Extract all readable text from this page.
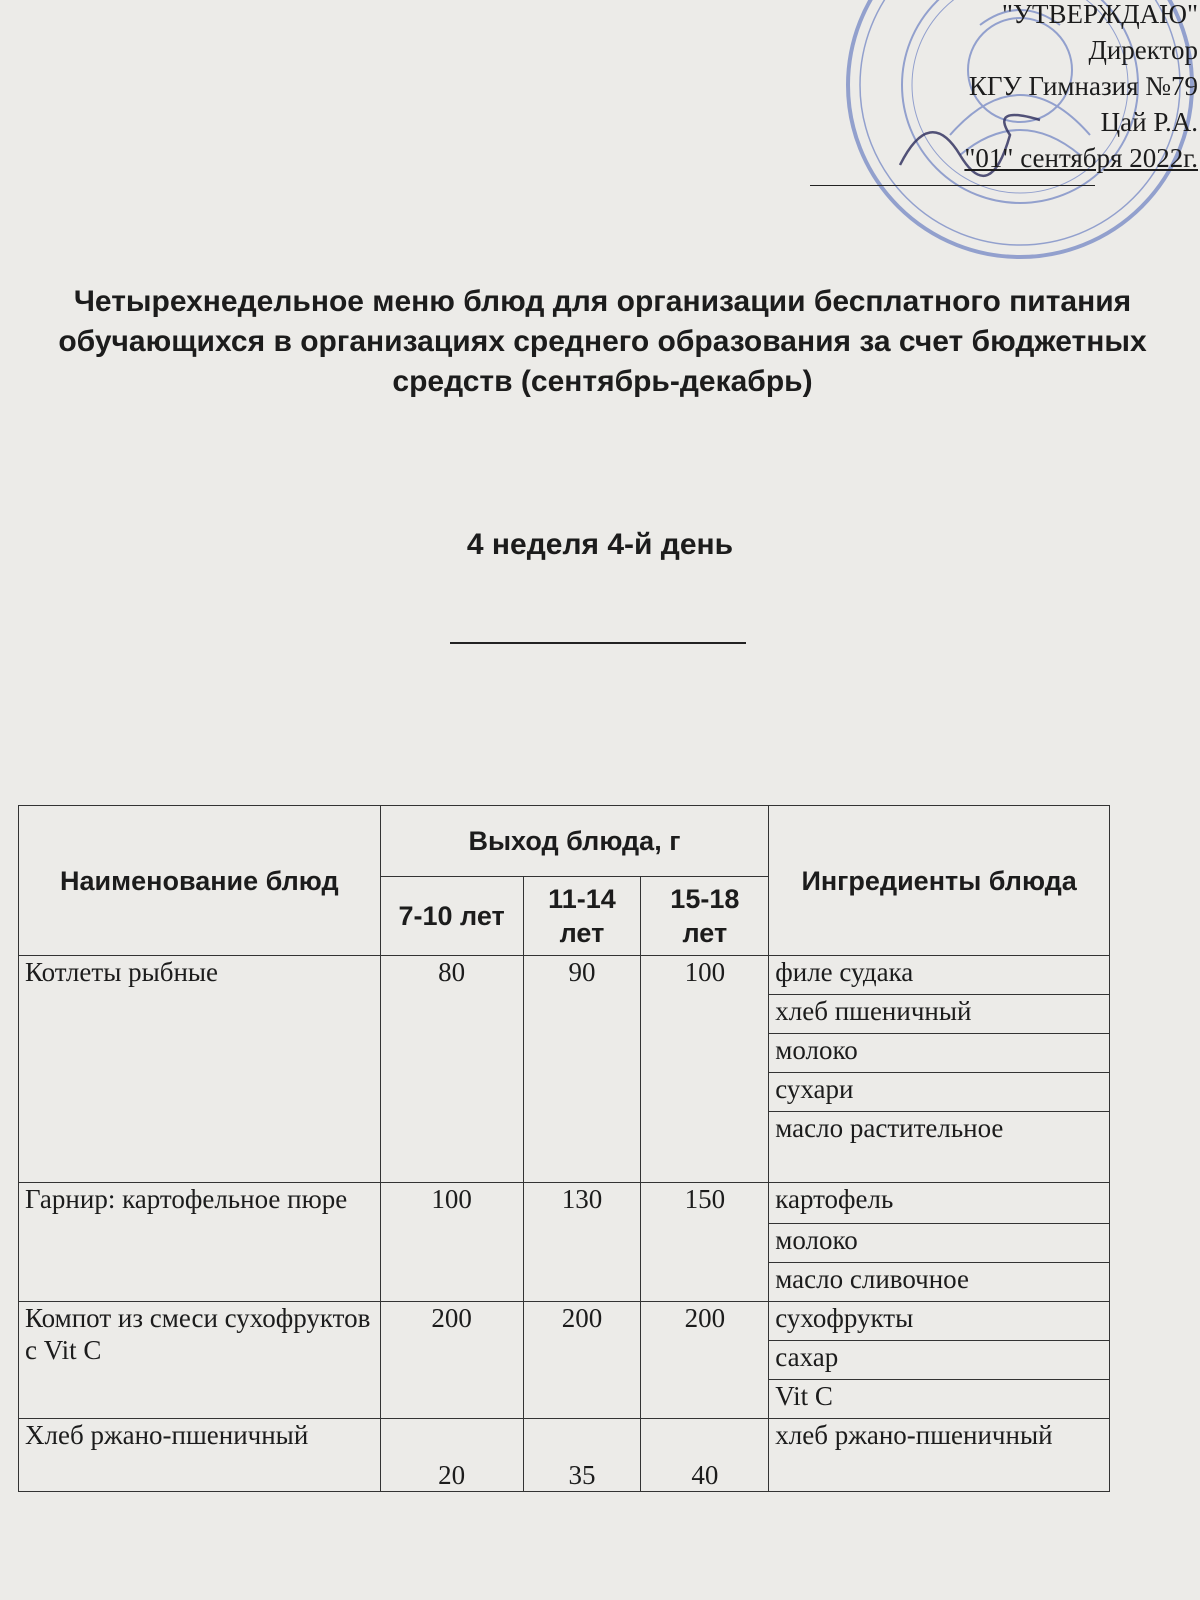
"УТВЕРЖДАЮ"
Директор
КГУ Гимназия №79
Цай Р.А.
"01" сентября 2022г.
Четырехнедельное меню блюд для организации бесплатного питания обучающихся в организациях среднего образования за счет бюджетных средств (сентябрь-декабрь)
4 неделя 4-й день
Наименование блюд	Выход блюда, г			Ингредиенты блюда
	7-10 лет	11-14 лет	15-18 лет	
Котлеты рыбные	80	90	100	филе судака
				хлеб пшеничный
				молоко
				сухари
				масло растительное
Гарнир: картофельное пюре	100	130	150	картофель
				молоко
				масло сливочное
Компот из смеси сухофруктов с Vit C	200	200	200	сухофрукты
				сахар
				Vit C
Хлеб ржано-пшеничный	20	35	40	хлеб ржано-пшеничный
